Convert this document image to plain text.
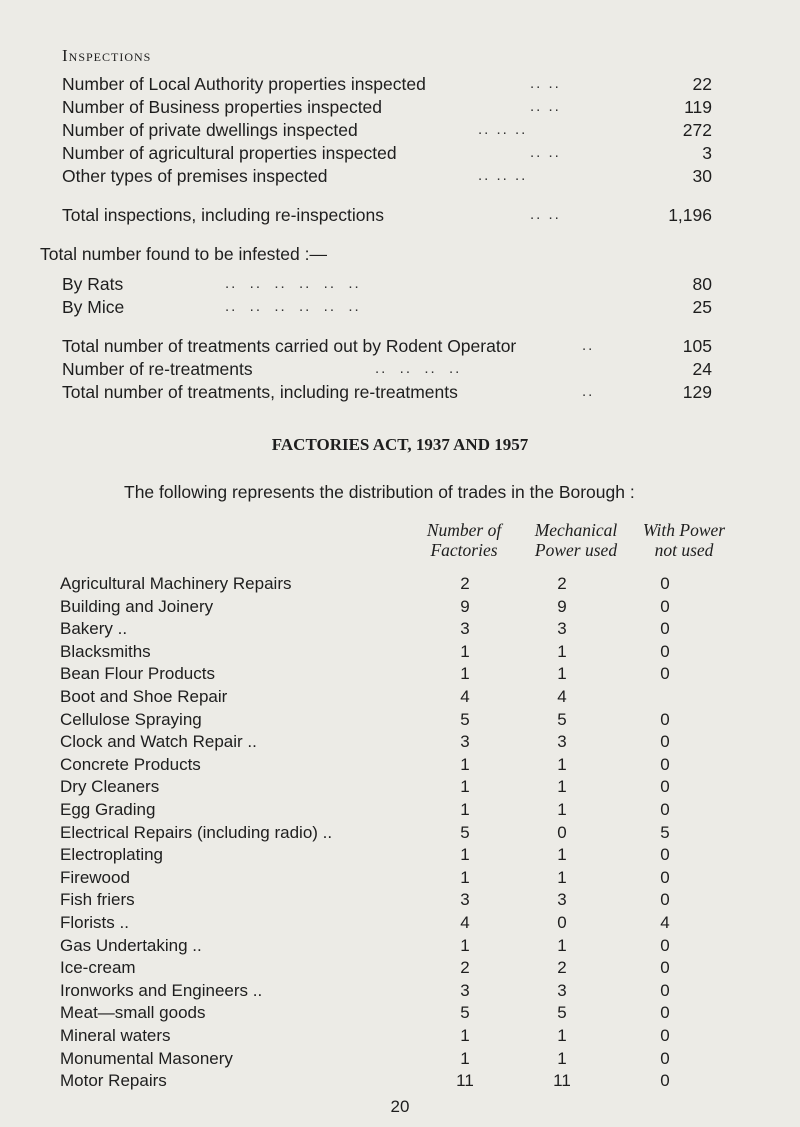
Inspections
Number of Local Authority properties inspected	.. ..	22
Number of Business properties inspected	.. ..	119
Number of private dwellings inspected	.. .. ..	272
Number of agricultural properties inspected	.. ..	3
Other types of premises inspected	.. .. ..	30
Total inspections, including re-inspections	.. ..	1,196
Total number found to be infested :—
By Rats	..  ..  ..  ..  ..  ..	80
By Mice	..  ..  ..  ..  ..  ..	25
Total number of treatments carried out by Rodent Operator	..	105
Number of re-treatments	..  ..  ..  ..	24
Total number of treatments, including re-treatments	..	129
FACTORIES ACT, 1937 AND 1957
The following represents the distribution of trades in the Borough :
Number of
Factories
Mechanical
Power used
With Power
not used
Agricultural Machinery Repairs	2	2	0
Building and Joinery	9	9	0
Bakery ..	3	3	0
Blacksmiths	1	1	0
Bean Flour Products	1	1	0
Boot and Shoe Repair	4	4
Cellulose Spraying	5	5	0
Clock and Watch Repair ..	3	3	0
Concrete Products	1	1	0
Dry Cleaners	1	1	0
Egg Grading	1	1	0
Electrical Repairs (including radio) ..	5	0	5
Electroplating	1	1	0
Firewood	1	1	0
Fish friers	3	3	0
Florists ..	4	0	4
Gas Undertaking ..	1	1	0
Ice-cream	2	2	0
Ironworks and Engineers ..	3	3	0
Meat—small goods	5	5	0
Mineral waters	1	1	0
Monumental Masonery	1	1	0
Motor Repairs	11	11	0
20
